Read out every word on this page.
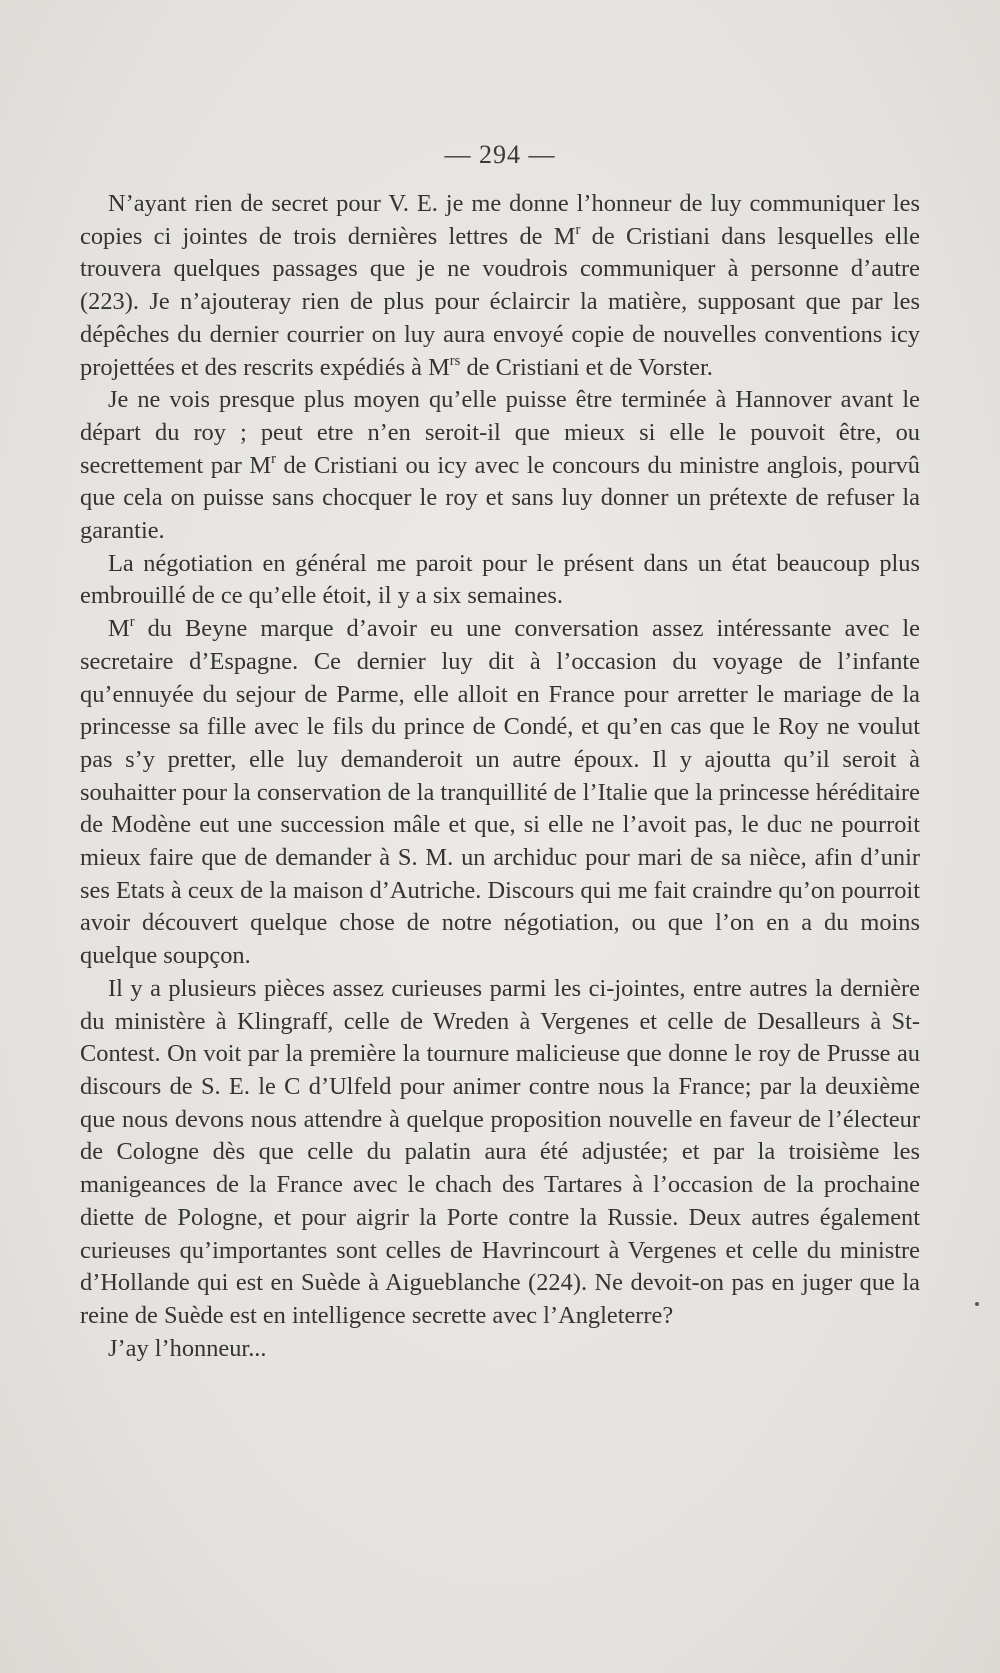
— 294 —

N’ayant rien de secret pour V. E. je me donne l’honneur de luy communiquer les copies ci jointes de trois dernières lettres de $M^r$ de Cristiani dans lesquelles elle trouvera quelques passages que je ne voudrois communiquer à personne d’autre (223). Je n’ajouteray rien de plus pour éclaircir la matière, supposant que par les dépêches du dernier courrier on luy aura envoyé copie de nouvelles conventions icy projettées et des rescrits expédiés à $M^{rs}$ de Cristiani et de Vorster.

Je ne vois presque plus moyen qu’elle puisse être terminée à Hannover avant le départ du roy ; peut etre n’en seroit-il que mieux si elle le pouvoit être, ou secrettement par $M^r$ de Cristiani ou icy avec le concours du ministre anglois, pourvû que cela on puisse sans chocquer le roy et sans luy donner un prétexte de refuser la garantie.

La négotiation en général me paroit pour le présent dans un état beaucoup plus embrouillé de ce qu’elle étoit, il y a six semaines.

$M^r$ du Beyne marque d’avoir eu une conversation assez intéressante avec le secretaire d’Espagne. Ce dernier luy dit à l’occasion du voyage de l’infante qu’ennuyée du sejour de Parme, elle alloit en France pour arretter le mariage de la princesse sa fille avec le fils du prince de Condé, et qu’en cas que le Roy ne voulut pas s’y pretter, elle luy demanderoit un autre époux. Il y ajoutta qu’il seroit à souhaitter pour la conservation de la tranquillité de l’Italie que la princesse héréditaire de Modène eut une succession mâle et que, si elle ne l’avoit pas, le duc ne pourroit mieux faire que de demander à S. M. un archiduc pour mari de sa nièce, afin d’unir ses Etats à ceux de la maison d’Autriche. Discours qui me fait craindre qu’on pourroit avoir découvert quelque chose de notre négotiation, ou que l’on en a du moins quelque soupçon.

Il y a plusieurs pièces assez curieuses parmi les ci-jointes, entre autres la dernière du ministère à Klingraff, celle de Wreden à Vergenes et celle de Desalleurs à St-Contest. On voit par la première la tournure malicieuse que donne le roy de Prusse au discours de S. E. le C d’Ulfeld pour animer contre nous la France; par la deuxième que nous devons nous attendre à quelque proposition nouvelle en faveur de l’électeur de Cologne dès que celle du palatin aura été adjustée; et par la troisième les manigeances de la France avec le chach des Tartares à l’occasion de la prochaine diette de Pologne, et pour aigrir la Porte contre la Russie. Deux autres également curieuses qu’importantes sont celles de Havrincourt à Vergenes et celle du ministre d’Hollande qui est en Suède à Aigueblanche (224). Ne devoit-on pas en juger que la reine de Suède est en intelligence secrette avec l’Angleterre?

J’ay l’honneur...
